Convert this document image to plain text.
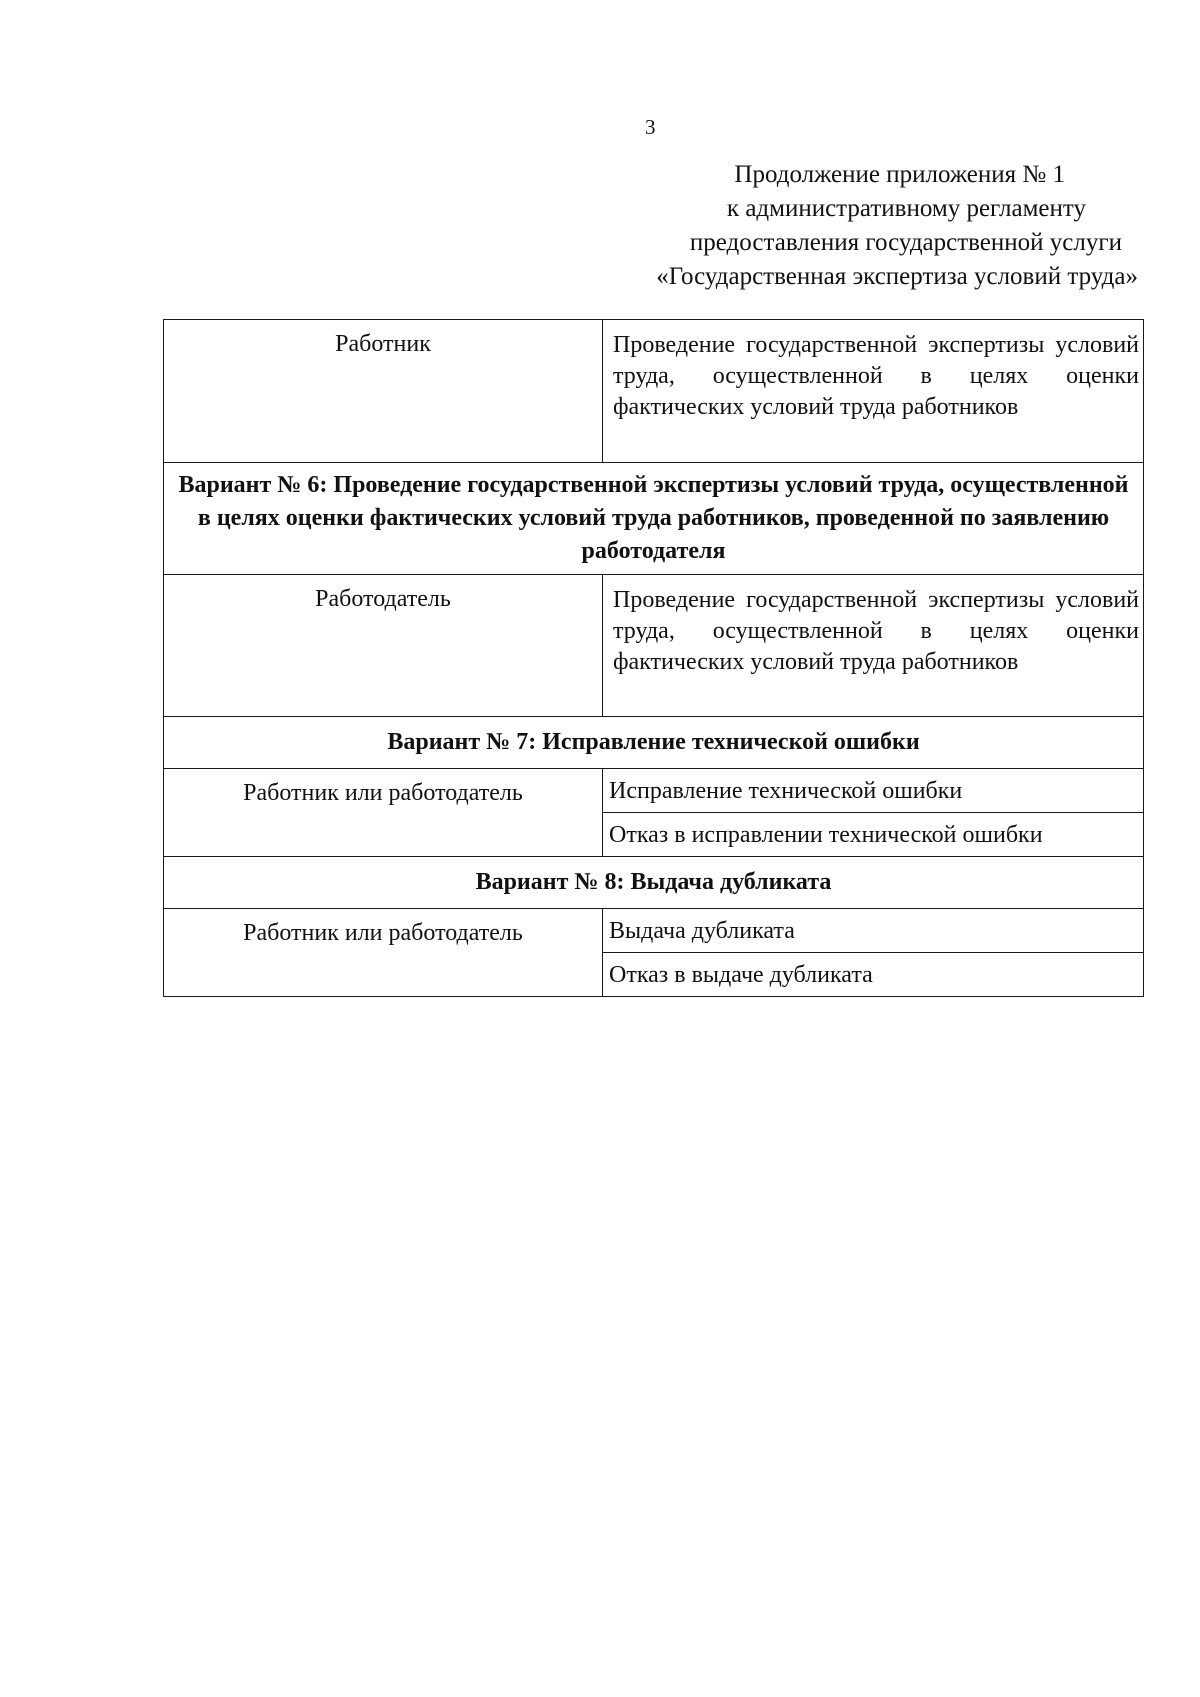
3
Продолжение приложения № 1
к административному регламенту
предоставления государственной услуги
«Государственная экспертиза условий труда»
Работник	Проведение государственной экспертизы условий труда, осуществленной в целях оценки фактических условий труда работников
Вариант № 6: Проведение государственной экспертизы условий труда, осуществленной в целях оценки фактических условий труда работников, проведенной по заявлению работодателя	
Работодатель	Проведение государственной экспертизы условий труда, осуществленной в целях оценки фактических условий труда работников
Вариант № 7: Исправление технической ошибки	
Работник или работодатель	Исправление технической ошибки
	Отказ в исправлении технической ошибки
Вариант № 8: Выдача дубликата	
Работник или работодатель	Выдача дубликата
	Отказ в выдаче дубликата
